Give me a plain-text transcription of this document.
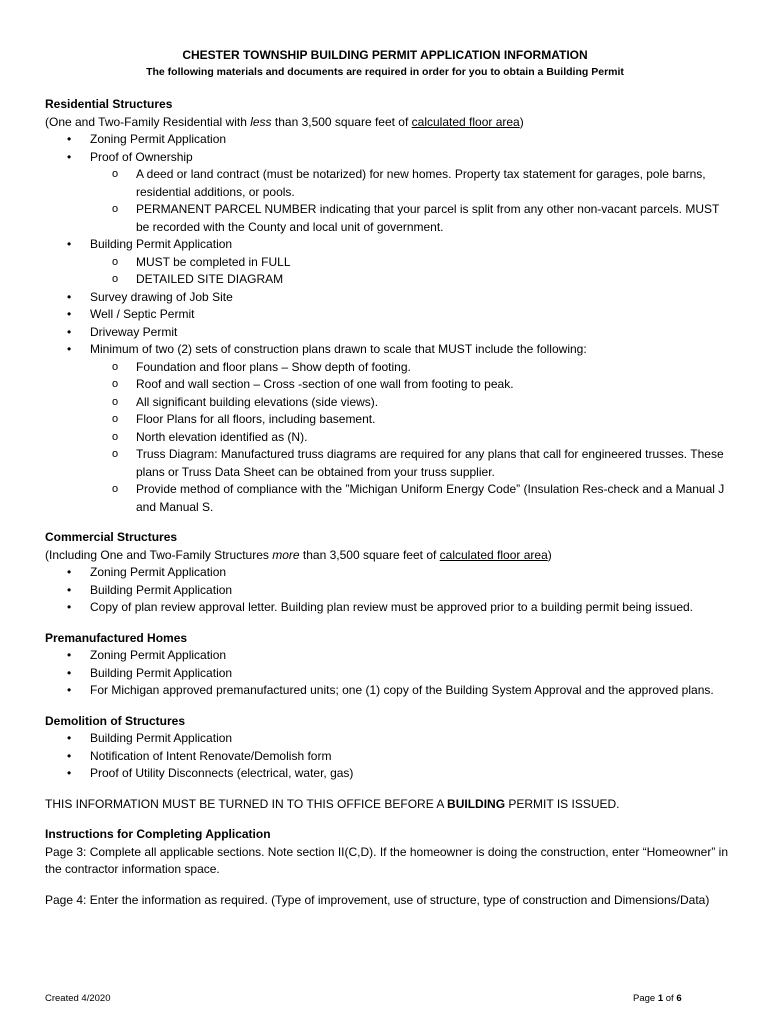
CHESTER TOWNSHIP BUILDING PERMIT APPLICATION INFORMATION
The following materials and documents are required in order for you to obtain a Building Permit
Residential Structures
(One and Two-Family Residential with less than 3,500 square feet of calculated floor area)
• Zoning Permit Application
• Proof of Ownership
o A deed or land contract (must be notarized) for new homes. Property tax statement for garages, pole barns, residential additions, or pools.
o PERMANENT PARCEL NUMBER indicating that your parcel is split from any other non-vacant parcels. MUST be recorded with the County and local unit of government.
• Building Permit Application
o MUST be completed in FULL
o DETAILED SITE DIAGRAM
• Survey drawing of Job Site
• Well / Septic Permit
• Driveway Permit
• Minimum of two (2) sets of construction plans drawn to scale that MUST include the following:
o Foundation and floor plans – Show depth of footing.
o Roof and wall section – Cross -section of one wall from footing to peak.
o All significant building elevations (side views).
o Floor Plans for all floors, including basement.
o North elevation identified as (N).
o Truss Diagram: Manufactured truss diagrams are required for any plans that call for engineered trusses. These plans or Truss Data Sheet can be obtained from your truss supplier.
o Provide method of compliance with the ”Michigan Uniform Energy Code” (Insulation Res-check and a Manual J and Manual S.
Commercial Structures
(Including One and Two-Family Structures more than 3,500 square feet of calculated floor area)
• Zoning Permit Application
• Building Permit Application
• Copy of plan review approval letter. Building plan review must be approved prior to a building permit being issued.
Premanufactured Homes
• Zoning Permit Application
• Building Permit Application
• For Michigan approved premanufactured units; one (1) copy of the Building System Approval and the approved plans.
Demolition of Structures
• Building Permit Application
• Notification of Intent Renovate/Demolish form
• Proof of Utility Disconnects (electrical, water, gas)
THIS INFORMATION MUST BE TURNED IN TO THIS OFFICE BEFORE A BUILDING PERMIT IS ISSUED.
Instructions for Completing Application
Page 3: Complete all applicable sections. Note section II(C,D). If the homeowner is doing the construction, enter “Homeowner” in the contractor information space.
Page 4: Enter the information as required. (Type of improvement, use of structure, type of construction and Dimensions/Data)
Created 4/2020	Page 1 of 6
